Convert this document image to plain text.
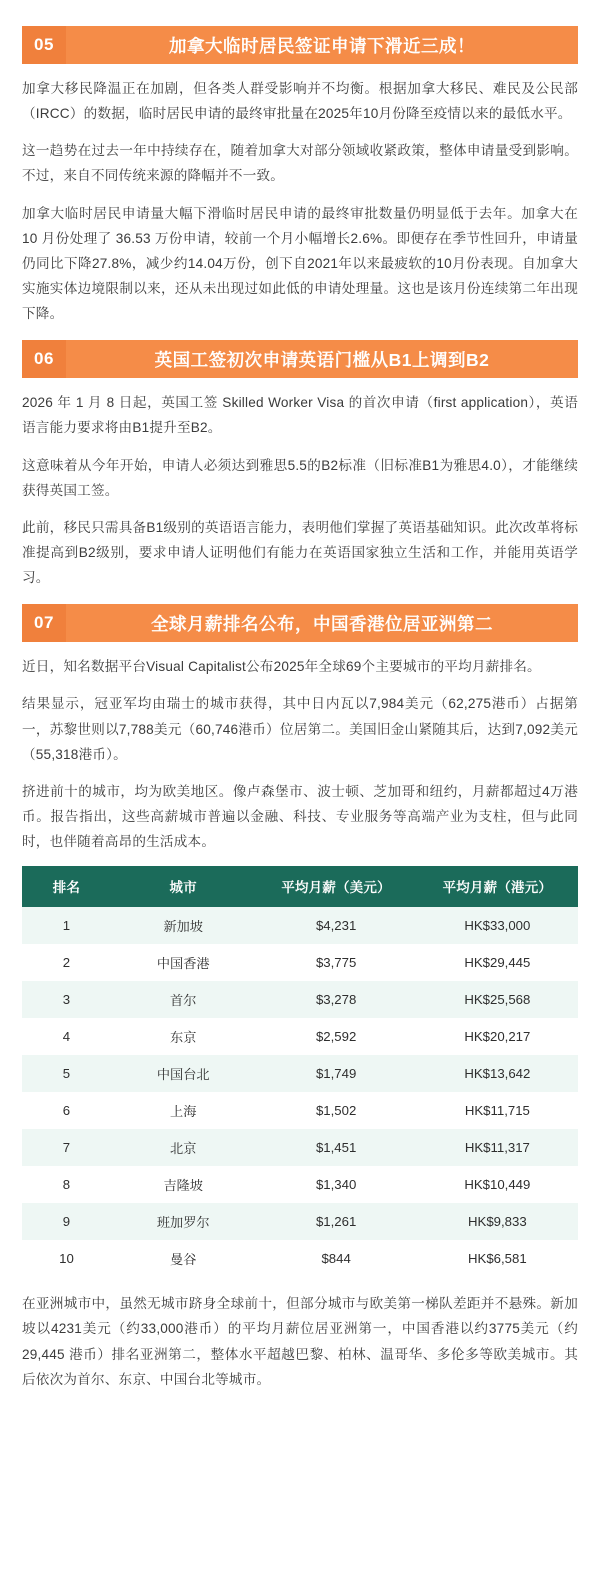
05	加拿大临时居民签证申请下滑近三成！

加拿大移民降温正在加剧，但各类人群受影响并不均衡。根据加拿大移民、难民及公民部（IRCC）的数据，临时居民申请的最终审批量在2025年10月份降至疫情以来的最低水平。

这一趋势在过去一年中持续存在，随着加拿大对部分领域收紧政策，整体申请量受到影响。不过，来自不同传统来源的降幅并不一致。

加拿大临时居民申请量大幅下滑临时居民申请的最终审批数量仍明显低于去年。加拿大在 10 月份处理了 36.53 万份申请，较前一个月小幅增长2.6%。即便存在季节性回升，申请量仍同比下降27.8%，减少约14.04万份，创下自2021年以来最疲软的10月份表现。自加拿大实施实体边境限制以来，还从未出现过如此低的申请处理量。这也是该月份连续第二年出现下降。

06	英国工签初次申请英语门槛从B1上调到B2

2026 年 1 月 8 日起，英国工签 Skilled Worker Visa 的首次申请（first application），英语语言能力要求将由B1提升至B2。

这意味着从今年开始，申请人必须达到雅思5.5的B2标准（旧标准B1为雅思4.0），才能继续获得英国工签。

此前，移民只需具备B1级别的英语语言能力，表明他们掌握了英语基础知识。此次改革将标准提高到B2级别，要求申请人证明他们有能力在英语国家独立生活和工作，并能用英语学习。

07	全球月薪排名公布，中国香港位居亚洲第二

近日，知名数据平台Visual Capitalist公布2025年全球69个主要城市的平均月薪排名。

结果显示，冠亚军均由瑞士的城市获得，其中日内瓦以7,984美元（62,275港币）占据第一，苏黎世则以7,788美元（60,746港币）位居第二。美国旧金山紧随其后，达到7,092美元（55,318港币）。

挤进前十的城市，均为欧美地区。像卢森堡市、波士顿、芝加哥和纽约，月薪都超过4万港币。报告指出，这些高薪城市普遍以金融、科技、专业服务等高端产业为支柱，但与此同时，也伴随着高昂的生活成本。

排名	城市	平均月薪（美元）	平均月薪（港元）
1	新加坡	$4,231	HK$33,000
2	中国香港	$3,775	HK$29,445
3	首尔	$3,278	HK$25,568
4	东京	$2,592	HK$20,217
5	中国台北	$1,749	HK$13,642
6	上海	$1,502	HK$11,715
7	北京	$1,451	HK$11,317
8	吉隆坡	$1,340	HK$10,449
9	班加罗尔	$1,261	HK$9,833
10	曼谷	$844	HK$6,581

在亚洲城市中，虽然无城市跻身全球前十，但部分城市与欧美第一梯队差距并不悬殊。新加坡以4231美元（约33,000港币）的平均月薪位居亚洲第一，中国香港以约3775美元（约 29,445 港币）排名亚洲第二，整体水平超越巴黎、柏林、温哥华、多伦多等欧美城市。其后依次为首尔、东京、中国台北等城市。
